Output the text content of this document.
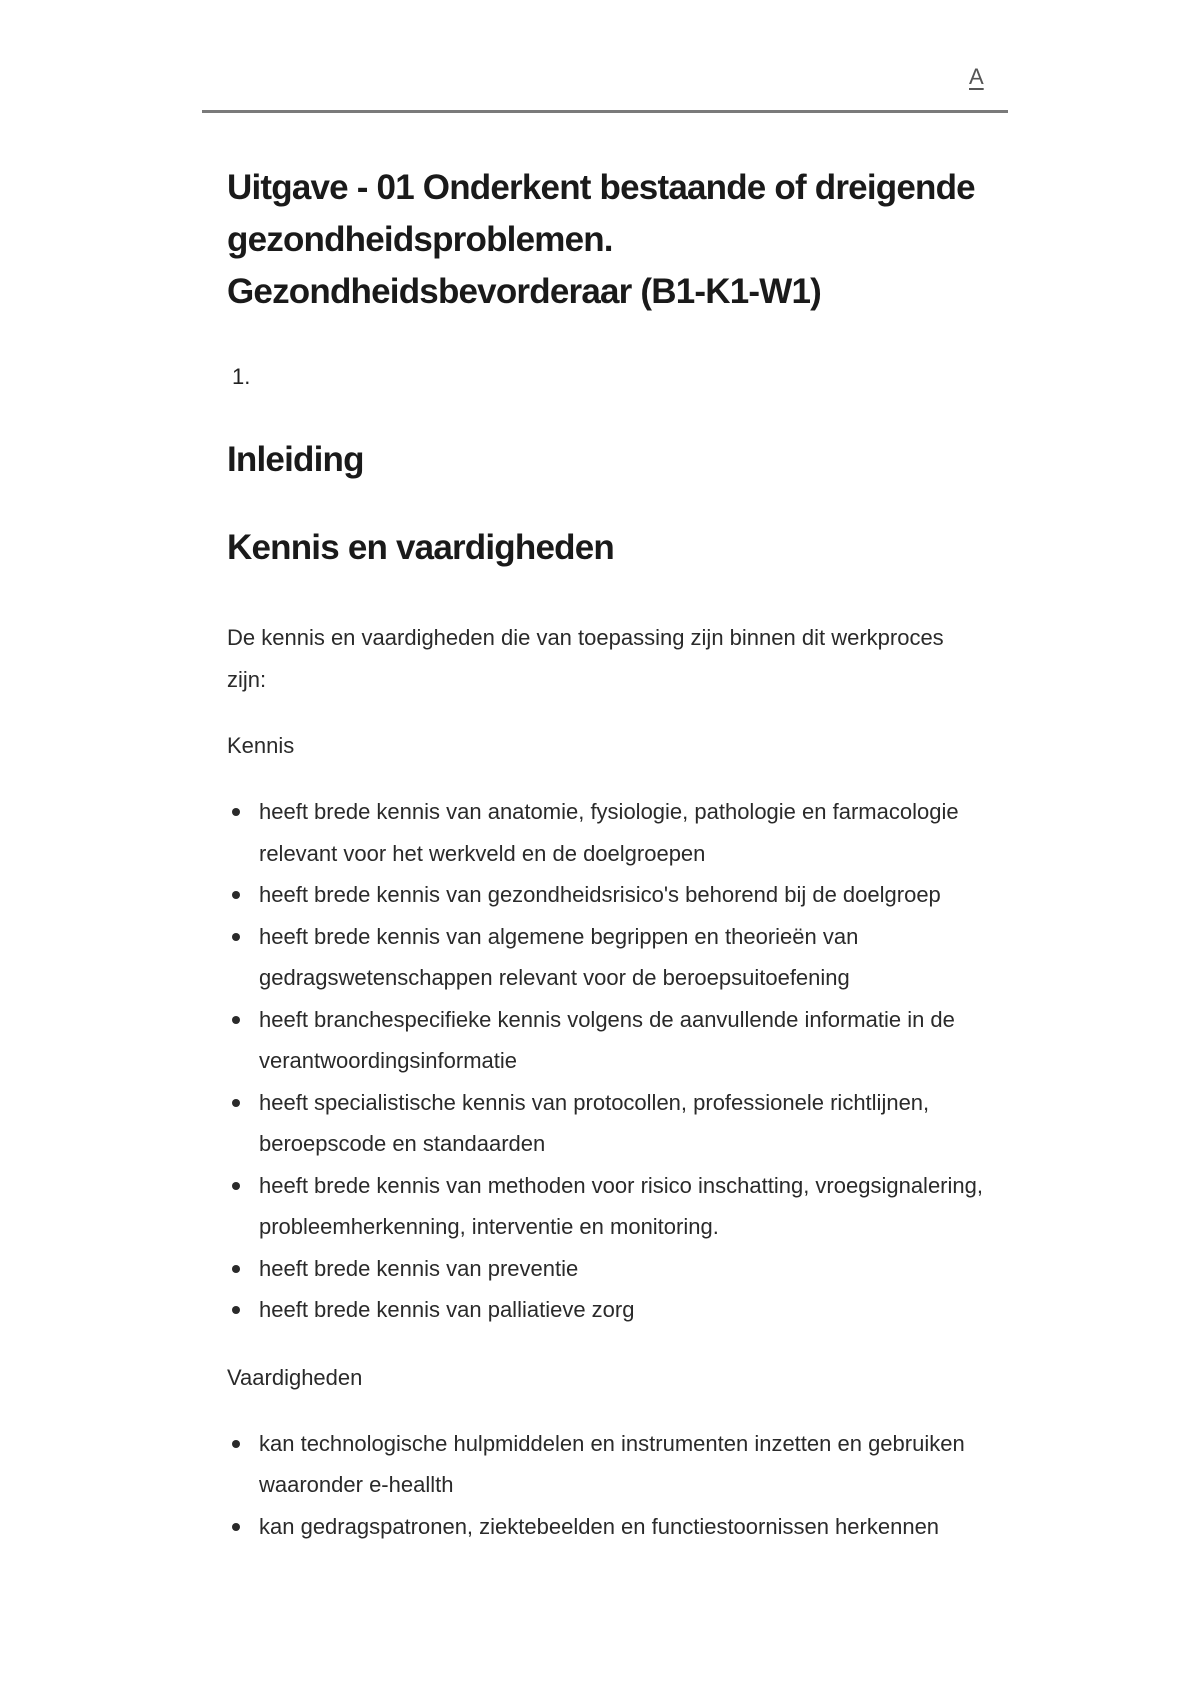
A
Uitgave - 01 Onderkent bestaande of dreigende gezondheidsproblemen. Gezondheidsbevorderaar (B1-K1-W1)
1.
Inleiding
Kennis en vaardigheden

De kennis en vaardigheden die van toepassing zijn binnen dit werkproces zijn:

Kennis

heeft brede kennis van anatomie, fysiologie, pathologie en farmacologie relevant voor het werkveld en de doelgroepen
heeft brede kennis van gezondheidsrisico's behorend bij de doelgroep
heeft brede kennis van algemene begrippen en theorieën van gedragswetenschappen relevant voor de beroepsuitoefening
heeft branchespecifieke kennis volgens de aanvullende informatie in de verantwoordingsinformatie
heeft specialistische kennis van protocollen, professionele richtlijnen, beroepscode en standaarden
heeft brede kennis van methoden voor risico inschatting, vroegsignalering, probleemherkenning, interventie en monitoring.
heeft brede kennis van preventie
heeft brede kennis van palliatieve zorg

Vaardigheden

kan technologische hulpmiddelen en instrumenten inzetten en gebruiken waaronder e-heallth
kan gedragspatronen, ziektebeelden en functiestoornissen herkennen
